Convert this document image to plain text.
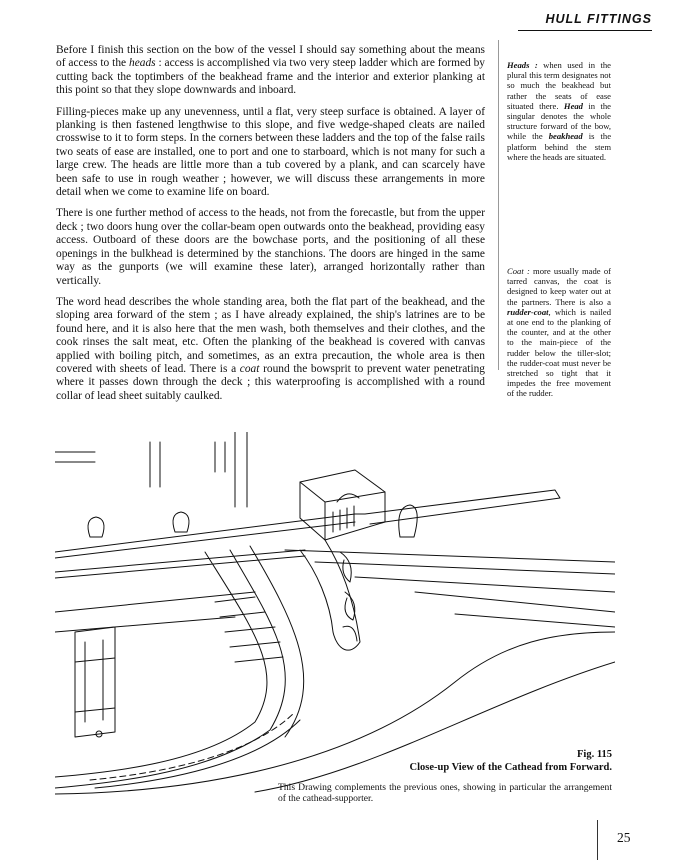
HULL FITTINGS

Before I finish this section on the bow of the vessel I should say something about the means of access to the heads : access is accomplished via two very steep ladder which are formed by cutting back the toptimbers of the beakhead frame and the interior and exterior planking at this point so that they slope downwards and inboard.

Filling-pieces make up any unevenness, until a flat, very steep surface is obtained. A layer of planking is then fastened lengthwise to this slope, and five wedge-shaped cleats are nailed crosswise to it to form steps. In the corners between these ladders and the top of the false rails two seats of ease are installed, one to port and one to starboard, which is not many for such a large crew. The heads are little more than a tub covered by a plank, and can scarcely have been safe to use in rough weather ; however, we will discuss these arrangements in more detail when we come to examine life on board.

There is one further method of access to the heads, not from the forecastle, but from the upper deck ; two doors hung over the collar-beam open outwards onto the beakhead, providing easy access. Outboard of these doors are the bowchase ports, and the positioning of all these openings in the bulkhead is determined by the stanchions. The doors are hinged in the same way as the gunports (we will examine these later), arranged horizontally rather than vertically.

The word head describes the whole standing area, both the flat part of the beakhead, and the sloping area forward of the stem ; as I have already explained, the ship's latrines are to be found here, and it is also here that the men wash, both themselves and their clothes, and the cook rinses the salt meat, etc. Often the planking of the beakhead is covered with canvas applied with boiling pitch, and sometimes, as an extra precaution, the whole area is then covered with sheets of lead. There is a coat round the bowsprit to prevent water penetrating where it passes down through the deck ; this waterproofing is accomplished with a round collar of lead sheet suitably caulked.

Heads : when used in the plural this term designates not so much the beakhead but rather the seats of ease situated there. Head in the singular denotes the whole structure forward of the bow, while the beakhead is the platform behind the stem where the heads are situated.

Coat : more usually made of tarred canvas, the coat is designed to keep water out at the partners. There is also a rudder-coat, which is nailed at one end to the planking of the counter, and at the other to the main-piece of the rudder below the tiller-slot; the rudder-coat must never be stretched so tight that it impedes the free movement of the rudder.

Fig. 115
Close-up View of the Cathead from Forward.
This Drawing complements the previous ones, showing in particular the arrangement of the cathead-supporter.
25
